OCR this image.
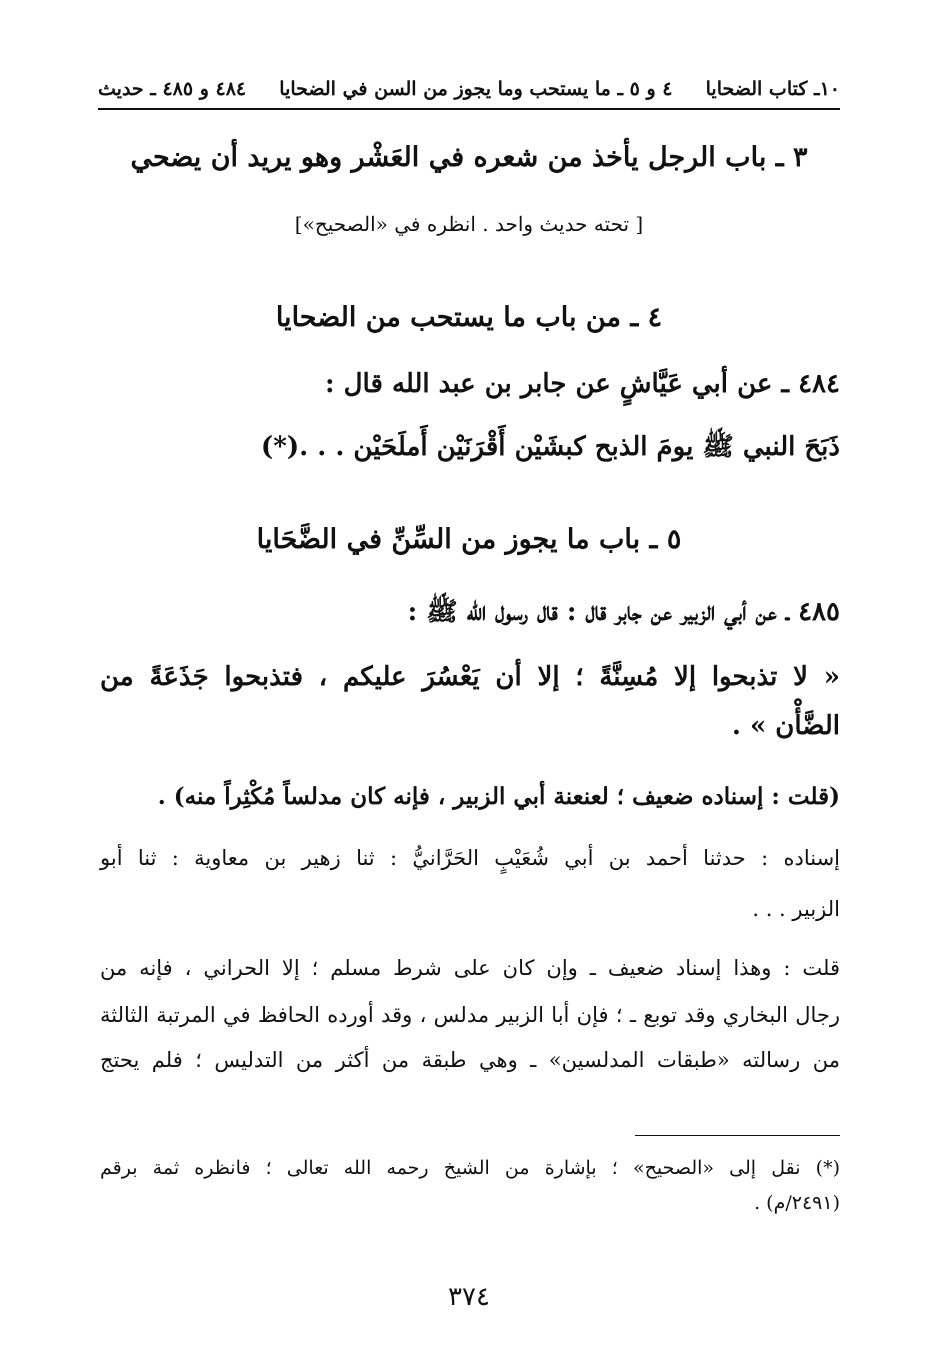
١٠ـ كتاب الضحايا
٤ و ٥ ـ ما يستحب وما يجوز من السن في الضحايا
٤٨٤ و ٤٨٥ ـ حديث
٣ ـ باب الرجل يأخذ من شعره في العَشْر وهو يريد أن يضحي
[ تحته حديث واحد . انظره في «الصحيح»]
٤ ـ من باب ما يستحب من الضحايا
٤٨٤ ـ عن أبي عَيَّاشٍ عن جابر بن عبد الله قال :
ذَبَحَ النبي ﷺ يومَ الذبح كبشَيْن أَقْرَنَيْن أَملَحَيْن . . .(*)
٥ ـ باب ما يجوز من السِّنِّ في الضَّحَايا
٤٨٥ ـ عن أبي الزبير عن جابر قال : قال رسول الله ﷺ :
« لا تذبحوا إلا مُسِنَّةً ؛ إلا أن يَعْسُرَ عليكم ، فتذبحوا جَذَعَةً من
الضَّأْن » .
(قلت : إسناده ضعيف ؛ لعنعنة أبي الزبير ، فإنه كان مدلساً مُكْثِراً منه) .
إسناده : حدثنا أحمد بن أبي شُعَيْبٍ الحَرَّانيُّ : ثنا زهير بن معاوية : ثنا أبو
الزبير . . .
قلت : وهذا إسناد ضعيف ـ وإن كان على شرط مسلم ؛ إلا الحراني ، فإنه من
رجال البخاري وقد توبع ـ ؛ فإن أبا الزبير مدلس ، وقد أورده الحافظ في المرتبة الثالثة
من رسالته «طبقات المدلسين» ـ وهي طبقة من أكثر من التدليس ؛ فلم يحتج
(*) نقل إلى «الصحيح» ؛ بإشارة من الشيخ رحمه الله تعالى ؛ فانظره ثمة برقم
(٢٤٩١/م) .
٣٧٤
